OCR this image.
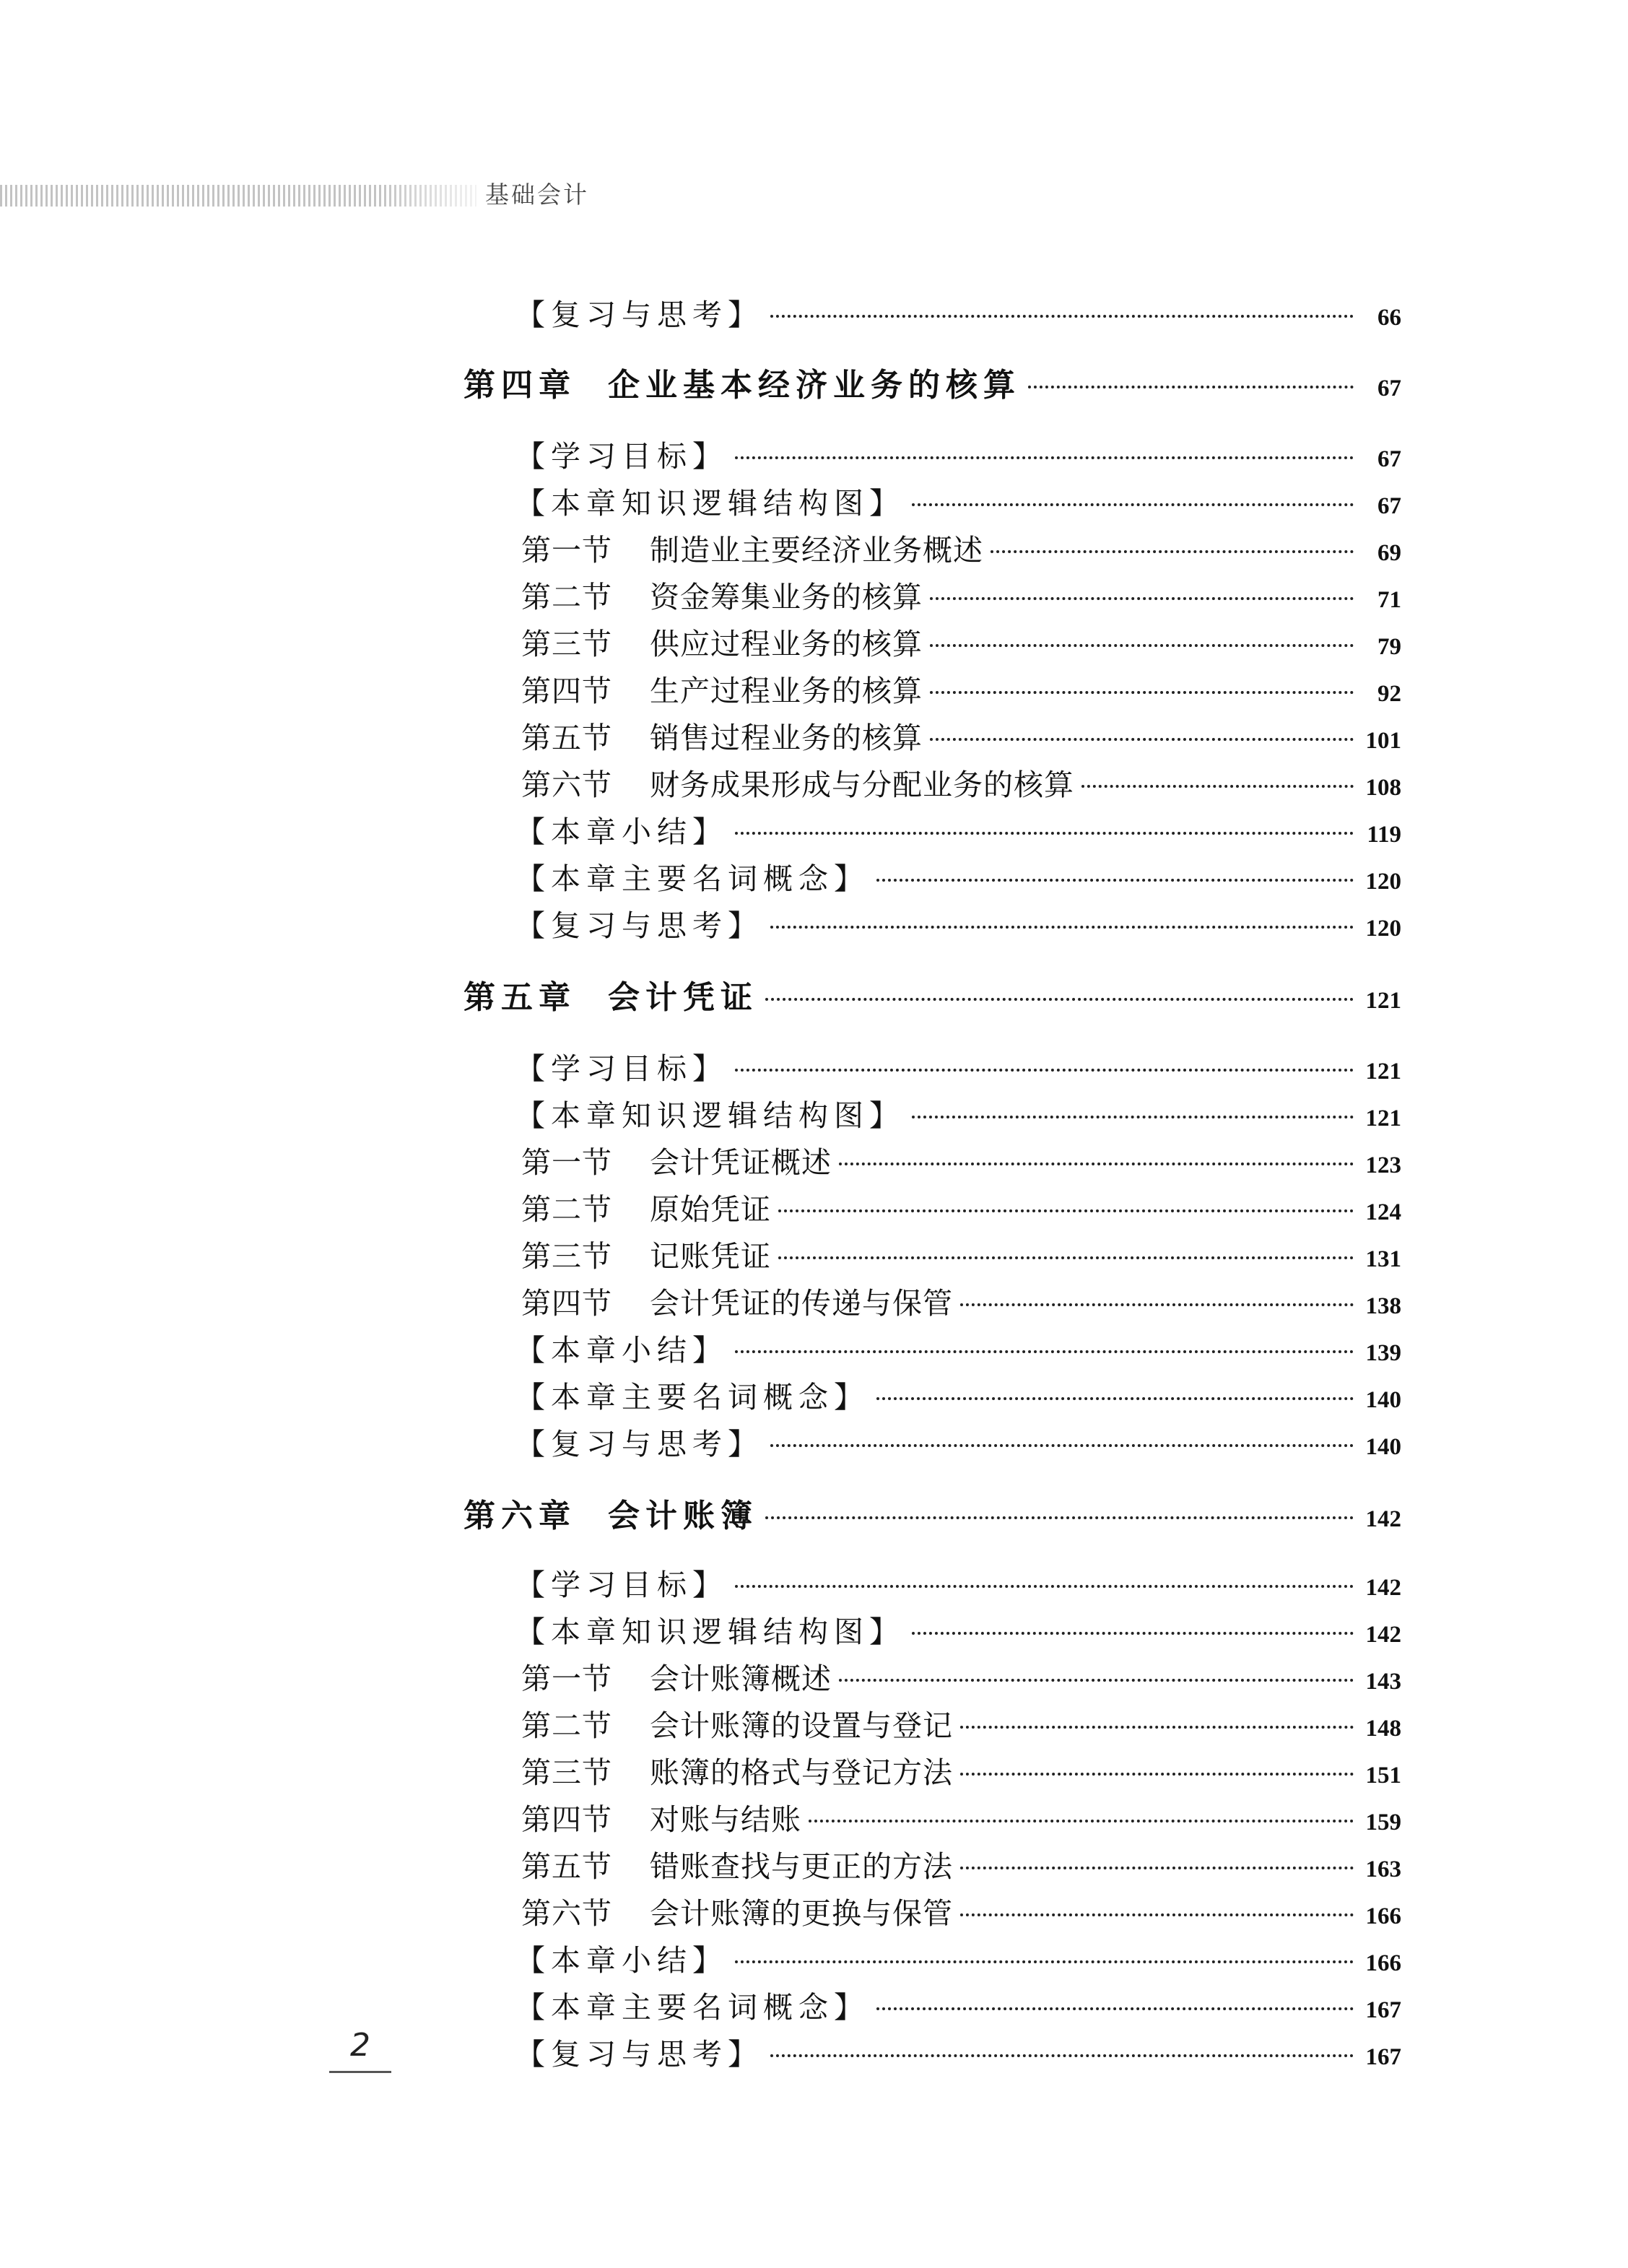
基础会计
【复习与思考】	66
第四章 企业基本经济业务的核算	67
【学习目标】	67
【本章知识逻辑结构图】	67
第一节 制造业主要经济业务概述	69
第二节 资金筹集业务的核算	71
第三节 供应过程业务的核算	79
第四节 生产过程业务的核算	92
第五节 销售过程业务的核算	101
第六节 财务成果形成与分配业务的核算	108
【本章小结】	119
【本章主要名词概念】	120
【复习与思考】	120
第五章 会计凭证	121
【学习目标】	121
【本章知识逻辑结构图】	121
第一节 会计凭证概述	123
第二节 原始凭证	124
第三节 记账凭证	131
第四节 会计凭证的传递与保管	138
【本章小结】	139
【本章主要名词概念】	140
【复习与思考】	140
第六章 会计账簿	142
【学习目标】	142
【本章知识逻辑结构图】	142
第一节 会计账簿概述	143
第二节 会计账簿的设置与登记	148
第三节 账簿的格式与登记方法	151
第四节 对账与结账	159
第五节 错账查找与更正的方法	163
第六节 会计账簿的更换与保管	166
【本章小结】	166
【本章主要名词概念】	167
【复习与思考】	167
2
